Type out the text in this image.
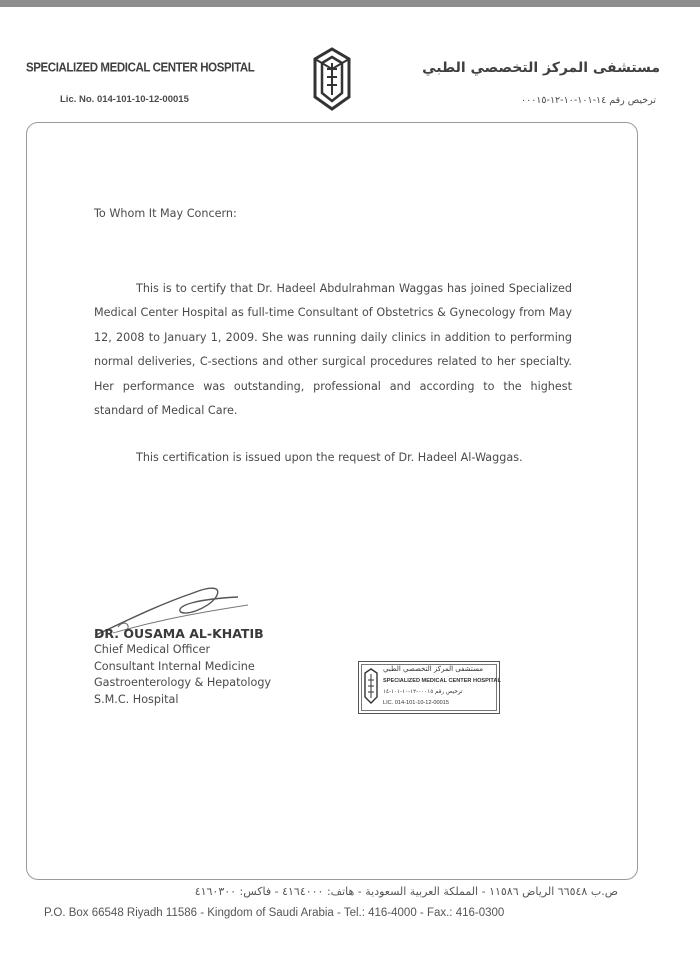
SPECIALIZED MEDICAL CENTER HOSPITAL
Lic. No. 014-101-10-12-00015
مستشفى المركز التخصصي الطبي
ترخيص رقم ١٤-١٠١-١٠-١٢-٠٠٠١٥
To Whom It May Concern:

This is to certify that Dr. Hadeel Abdulrahman Waggas has joined Specialized Medical Center Hospital as full-time Consultant of Obstetrics & Gynecology from May 12, 2008 to January 1, 2009. She was running daily clinics in addition to performing normal deliveries, C-sections and other surgical procedures related to her specialty. Her performance was outstanding, professional and according to the highest standard of Medical Care.

This certification is issued upon the request of Dr. Hadeel Al-Waggas.
DR. OUSAMA AL-KHATIB
Chief Medical Officer
Consultant Internal Medicine
Gastroenterology & Hepatology
S.M.C. Hospital
مستشفى المركز التخصصي الطبي
SPECIALIZED MEDICAL CENTER HOSPITAL
ترخيص رقم ٠٠٠١٥-١٢-١٠-١٠١-١٤
LIC. 014-101-10-12-00015
ص.ب ٦٦٥٤٨ الرياض ١١٥٨٦ - المملكة العربية السعودية - هاتف: ٤١٦٤٠٠٠ - فاكس: ٤١٦٠٣٠٠
P.O. Box 66548 Riyadh 11586 - Kingdom of Saudi Arabia - Tel.: 416-4000 - Fax.: 416-0300
